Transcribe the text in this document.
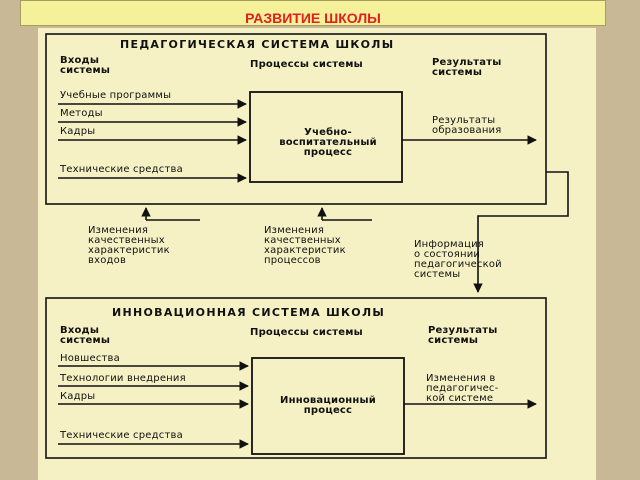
РАЗВИТИЕ ШКОЛЫ
ПЕДАГОГИЧЕСКАЯ СИСТЕМА ШКОЛЫ
Входы
системы
Процессы системы	Результаты
системы
Учебные программы
Методы
Кадры
Технические средства
Учебно-
воспитательный
процесс
Результаты
образования
Изменения
качественных
характеристик
входов
Изменения
качественных
характеристик
процессов
Информация
о состоянии
педагогической
системы
ИННОВАЦИОННАЯ СИСТЕМА ШКОЛЫ
Входы
системы
Процессы системы	Результаты
системы
Новшества
Технологии внедрения
Кадры
Технические средства
Инновационный
процесс
Изменения в
педагогичес-
кой системе
